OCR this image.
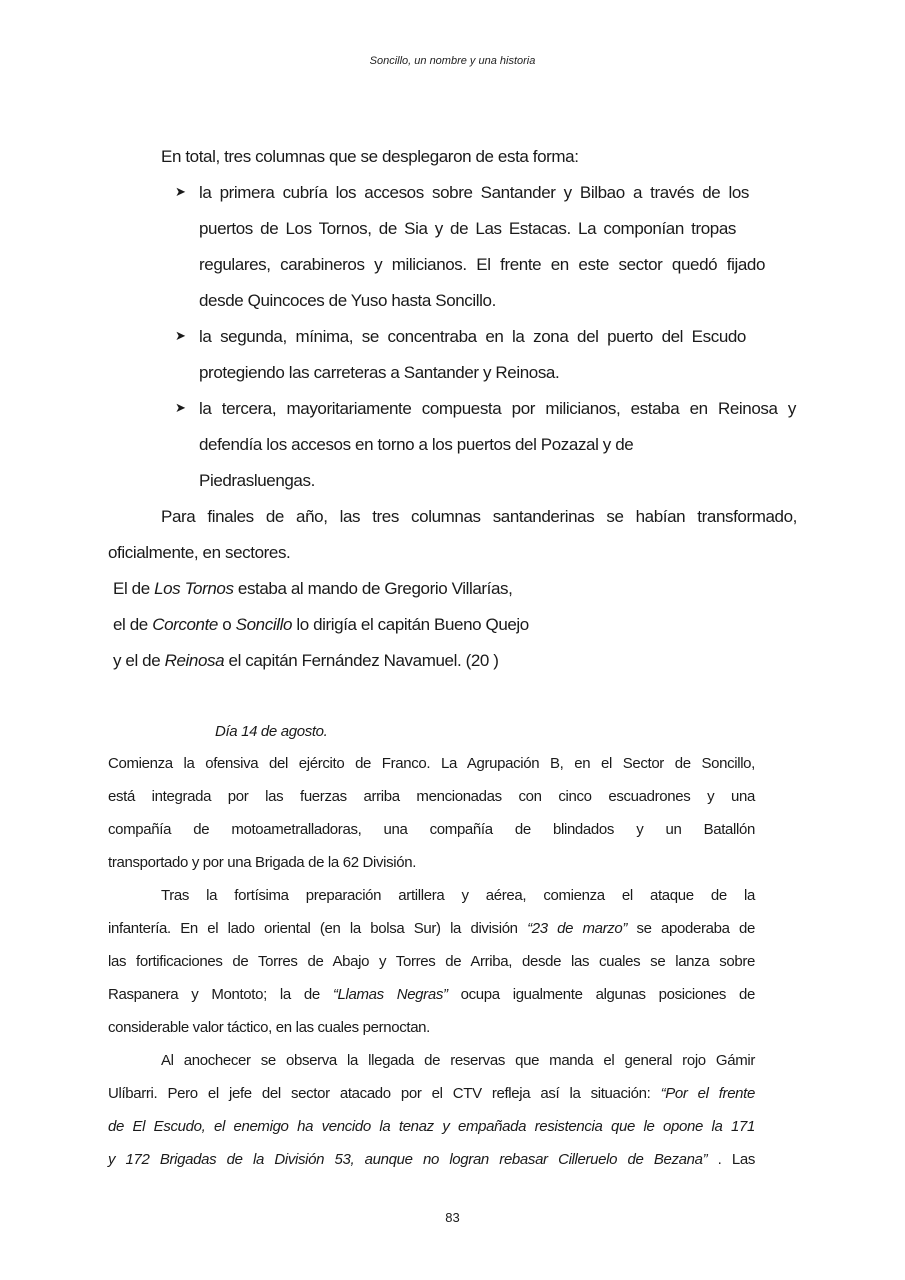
Soncillo, un nombre y una historia
En total, tres columnas que se desplegaron de esta forma:
➤ la primera cubría los accesos sobre Santander y Bilbao a través de los
puertos de Los Tornos, de Sia y de Las Estacas. La componían tropas
regulares, carabineros y milicianos. El frente en este sector quedó fijado
desde Quincoces de Yuso hasta Soncillo.
➤ la segunda, mínima, se concentraba en la zona del puerto del Escudo
protegiendo las carreteras a Santander y Reinosa.
➤ la tercera, mayoritariamente compuesta por milicianos, estaba en Reinosa y
defendía los accesos en torno a los puertos del Pozazal y de
Piedrasluengas.
Para finales de año, las tres columnas santanderinas se habían transformado,
oficialmente, en sectores.
El de Los Tornos estaba al mando de Gregorio Villarías,
el de Corconte o Soncillo lo dirigía el capitán Bueno Quejo
y el de Reinosa el capitán Fernández Navamuel. (20 )
Día 14 de agosto.
Comienza la ofensiva del ejército de Franco. La Agrupación B, en el Sector de Soncillo,
está integrada por las fuerzas arriba mencionadas con cinco escuadrones y una
compañía de motoametralladoras, una compañía de blindados y un Batallón
transportado y por una Brigada de la 62 División.
Tras la fortísima preparación artillera y aérea, comienza el ataque de la
infantería. En el lado oriental (en la bolsa Sur) la división “23 de marzo” se apoderaba de
las fortificaciones de Torres de Abajo y Torres de Arriba, desde las cuales se lanza sobre
Raspanera y Montoto; la de “Llamas Negras” ocupa igualmente algunas posiciones de
considerable valor táctico, en las cuales pernoctan.
Al anochecer se observa la llegada de reservas que manda el general rojo Gámir
Ulíbarri. Pero el jefe del sector atacado por el CTV refleja así la situación: “Por el frente
de El Escudo, el enemigo ha vencido la tenaz y empañada resistencia que le opone la 171
y 172 Brigadas de la División 53, aunque no logran rebasar Cilleruelo de Bezana” . Las
83
